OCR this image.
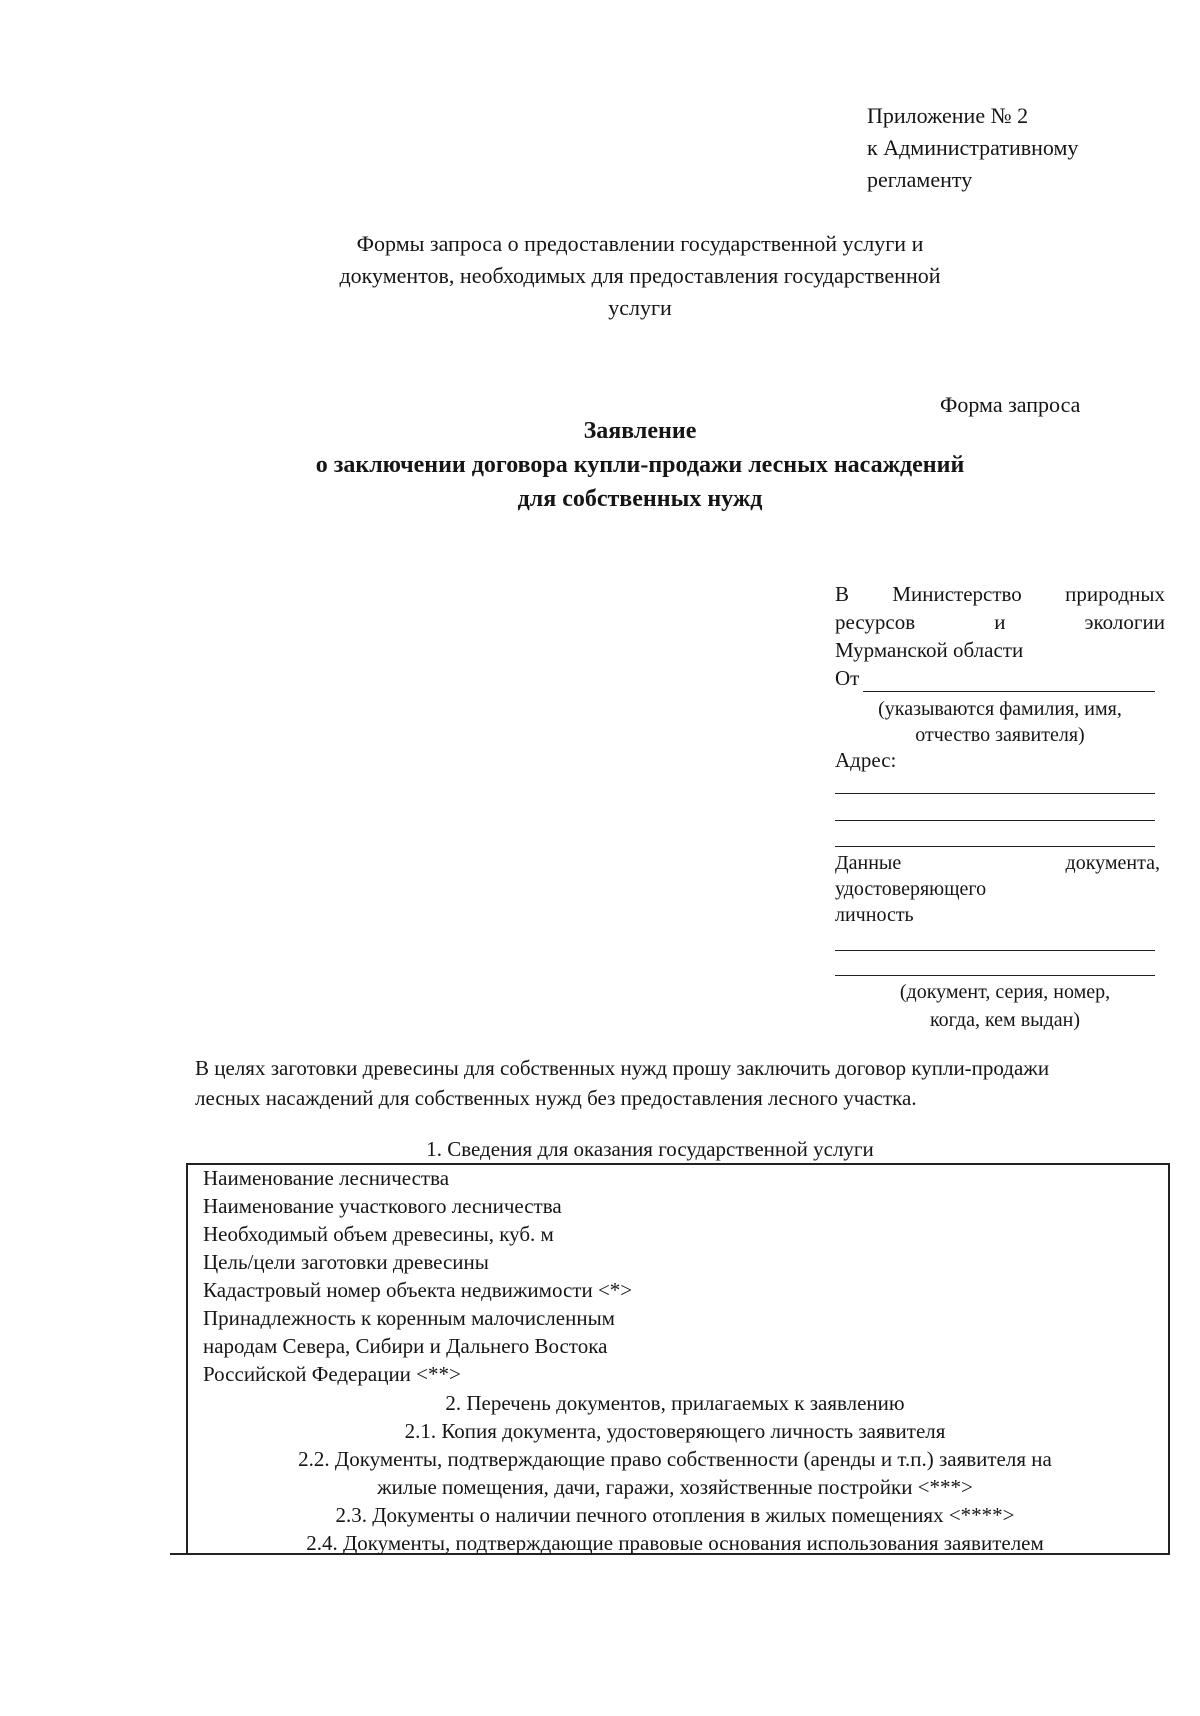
Приложение № 2
к Административному
регламенту
Формы запроса о предоставлении государственной услуги и
документов, необходимых для предоставления государственной
услуги
Форма запроса
Заявление
о заключении договора купли-продажи лесных насаждений
для собственных нужд
В Министерство природных
ресурсов	и	экологии
Мурманской области
От
(указываются фамилия, имя,
отчество заявителя)
Адрес:
Данные	документа,
удостоверяющего
личность
(документ, серия, номер,
когда, кем выдан)
В целях заготовки древесины для собственных нужд прошу заключить договор купли-продажи
лесных насаждений для собственных нужд без предоставления лесного участка.
1. Сведения для оказания государственной услуги
Наименование лесничества
Наименование участкового лесничества
Необходимый объем древесины, куб. м
Цель/цели заготовки древесины
Кадастровый номер объекта недвижимости <*>
Принадлежность к коренным малочисленным
народам Севера, Сибири и Дальнего Востока
Российской Федерации <**>
2. Перечень документов, прилагаемых к заявлению
2.1. Копия документа, удостоверяющего личность заявителя
2.2. Документы, подтверждающие право собственности (аренды и т.п.) заявителя на
жилые помещения, дачи, гаражи, хозяйственные постройки <***>
2.3. Документы о наличии печного отопления в жилых помещениях <****>
2.4. Документы, подтверждающие правовые основания использования заявителем
